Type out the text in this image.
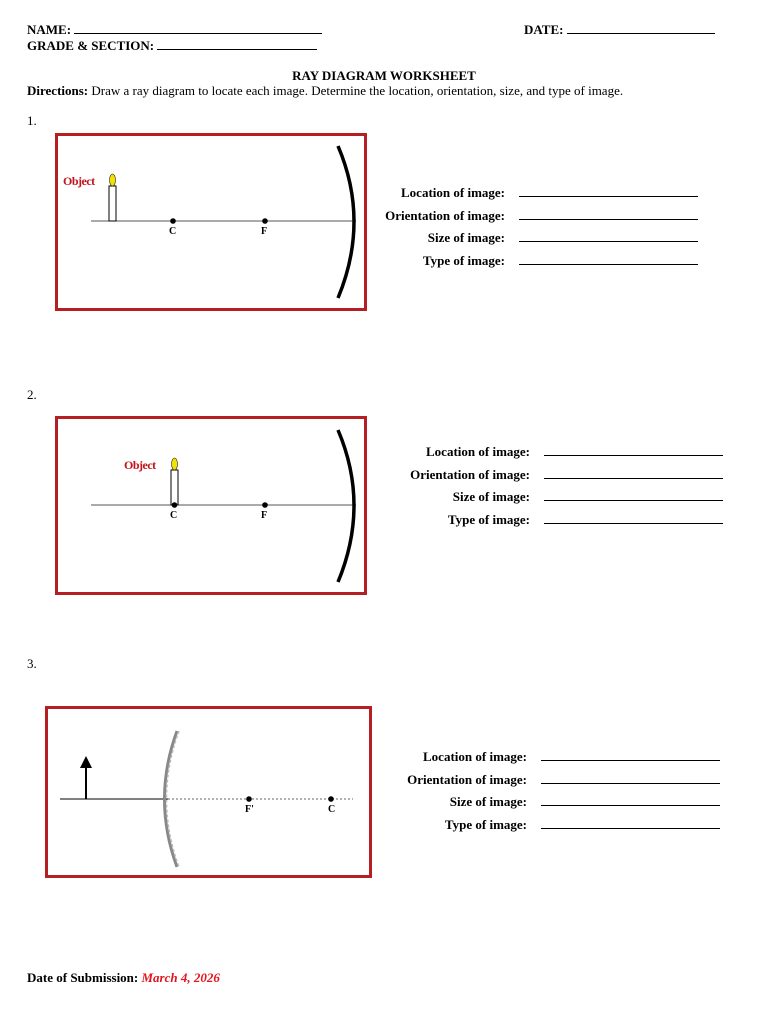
NAME:	DATE:
GRADE & SECTION:
RAY DIAGRAM WORKSHEET
Directions: Draw a ray diagram to locate each image. Determine the location, orientation, size, and type of image.
1.
Object
C	F
Location of image:
Orientation of image:
Size of image:
Type of image:
2.
Object
C	F
Location of image:
Orientation of image:
Size of image:
Type of image:
3.
F'	C
Location of image:
Orientation of image:
Size of image:
Type of image:
Date of Submission: March 4, 2026
